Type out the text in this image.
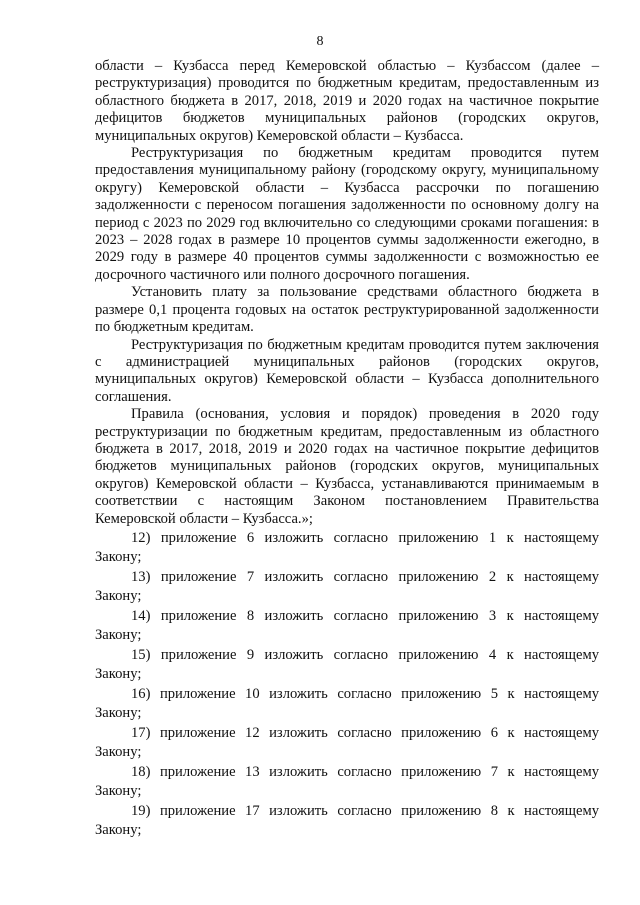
8

области – Кузбасса перед Кемеровской областью – Кузбассом (далее – реструктуризация) проводится по бюджетным кредитам, предоставленным из областного бюджета в 2017, 2018, 2019 и 2020 годах на частичное покрытие дефицитов бюджетов муниципальных районов (городских округов, муниципальных округов) Кемеровской области – Кузбасса.

Реструктуризация по бюджетным кредитам проводится путем предоставления муниципальному району (городскому округу, муниципальному округу) Кемеровской области – Кузбасса рассрочки по погашению задолженности с переносом погашения задолженности по основному долгу на период с 2023 по 2029 год включительно со следующими сроками погашения: в 2023 – 2028 годах в размере 10 процентов суммы задолженности ежегодно, в 2029 году в размере 40 процентов суммы задолженности с возможностью ее досрочного частичного или полного досрочного погашения.

Установить плату за пользование средствами областного бюджета в размере 0,1 процента годовых на остаток реструктурированной задолженности по бюджетным кредитам.

Реструктуризация по бюджетным кредитам проводится путем заключения с администрацией муниципальных районов (городских округов, муниципальных округов) Кемеровской области – Кузбасса дополнительного соглашения.

Правила (основания, условия и порядок) проведения в 2020 году реструктуризации по бюджетным кредитам, предоставленным из областного бюджета в 2017, 2018, 2019 и 2020 годах на частичное покрытие дефицитов бюджетов муниципальных районов (городских округов, муниципальных округов) Кемеровской области – Кузбасса, устанавливаются принимаемым в соответствии с настоящим Законом постановлением Правительства Кемеровской области – Кузбасса.»;

12) приложение 6 изложить согласно приложению 1 к настоящему Закону;

13) приложение 7 изложить согласно приложению 2 к настоящему Закону;

14) приложение 8 изложить согласно приложению 3 к настоящему Закону;

15) приложение 9 изложить согласно приложению 4 к настоящему Закону;

16) приложение 10 изложить согласно приложению 5 к настоящему Закону;

17) приложение 12 изложить согласно приложению 6 к настоящему Закону;

18) приложение 13 изложить согласно приложению 7 к настоящему Закону;

19) приложение 17 изложить согласно приложению 8 к настоящему Закону;
